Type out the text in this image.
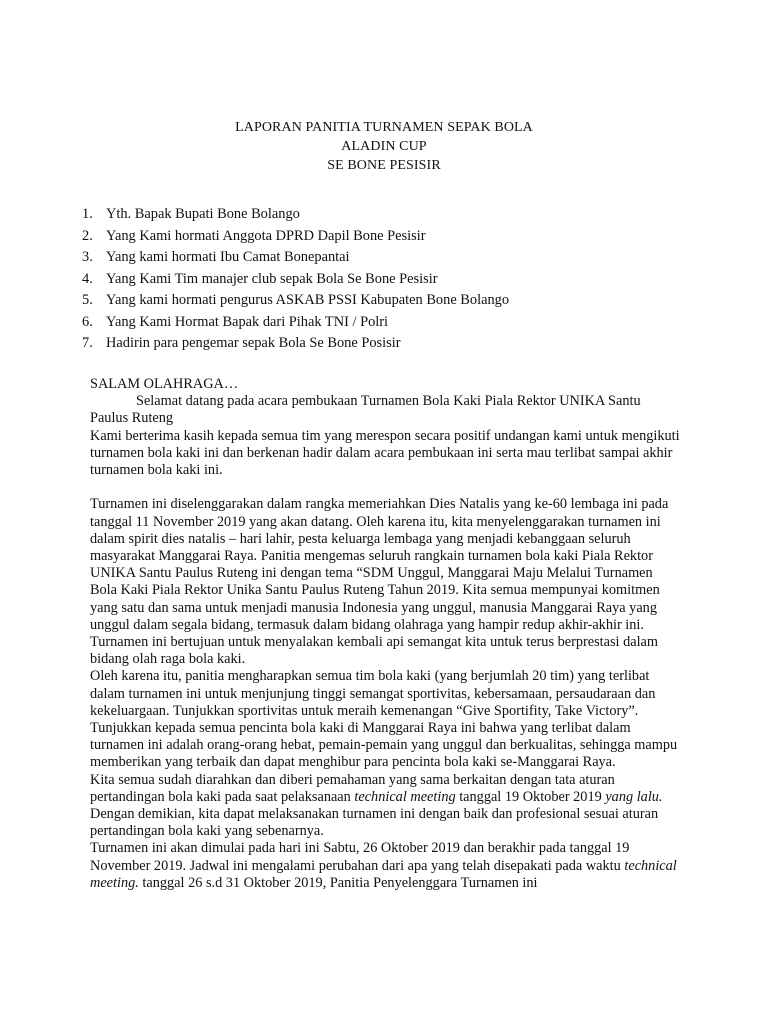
LAPORAN PANITIA TURNAMEN SEPAK BOLA
ALADIN CUP
SE BONE PESISIR
1. Yth. Bapak Bupati Bone Bolango
2. Yang Kami hormati Anggota DPRD Dapil Bone Pesisir
3. Yang kami hormati Ibu Camat Bonepantai
4. Yang Kami Tim manajer club sepak Bola Se Bone Pesisir
5. Yang kami hormati pengurus ASKAB PSSI Kabupaten Bone Bolango
6. Yang Kami Hormat Bapak dari Pihak TNI / Polri
7. Hadirin para pengemar sepak Bola Se Bone Posisir

SALAM OLAHRAGA…

Selamat datang pada acara pembukaan Turnamen Bola Kaki Piala Rektor UNIKA Santu

Paulus Ruteng

Kami berterima kasih kepada semua tim yang merespon secara positif undangan kami untuk mengikuti turnamen bola kaki ini dan berkenan hadir dalam acara pembukaan ini serta mau terlibat sampai akhir turnamen bola kaki ini.

Turnamen ini diselenggarakan dalam rangka memeriahkan Dies Natalis yang ke-60 lembaga ini pada tanggal 11 November 2019 yang akan datang. Oleh karena itu, kita menyelenggarakan turnamen ini dalam spirit dies natalis – hari lahir, pesta keluarga lembaga yang menjadi kebanggaan seluruh masyarakat Manggarai Raya. Panitia mengemas seluruh rangkain turnamen bola kaki Piala Rektor UNIKA Santu Paulus Ruteng ini dengan tema “SDM Unggul, Manggarai Maju Melalui Turnamen Bola Kaki Piala Rektor Unika Santu Paulus Ruteng Tahun 2019. Kita semua mempunyai komitmen yang satu dan sama untuk menjadi manusia Indonesia yang unggul, manusia Manggarai Raya yang unggul dalam segala bidang, termasuk dalam bidang olahraga yang hampir redup akhir-akhir ini. Turnamen ini bertujuan untuk menyalakan kembali api semangat kita untuk terus berprestasi dalam bidang olah raga bola kaki.

Oleh karena itu, panitia mengharapkan semua tim bola kaki (yang berjumlah 20 tim) yang terlibat dalam turnamen ini untuk menjunjung tinggi semangat sportivitas, kebersamaan, persaudaraan dan kekeluargaan. Tunjukkan sportivitas untuk meraih kemenangan “Give Sportifity, Take Victory”. Tunjukkan kepada semua pencinta bola kaki di Manggarai Raya ini bahwa yang terlibat dalam turnamen ini adalah orang-orang hebat, pemain-pemain yang unggul dan berkualitas, sehingga mampu memberikan yang terbaik dan dapat menghibur para pencinta bola kaki se-Manggarai Raya.

Kita semua sudah diarahkan dan diberi pemahaman yang sama berkaitan dengan tata aturan pertandingan bola kaki pada saat pelaksanaan technical meeting tanggal 19 Oktober 2019 yang lalu. Dengan demikian, kita dapat melaksanakan turnamen ini dengan baik dan profesional sesuai aturan pertandingan bola kaki yang sebenarnya.

Turnamen ini akan dimulai pada hari ini Sabtu, 26 Oktober 2019 dan berakhir pada tanggal 19 November 2019. Jadwal ini mengalami perubahan dari apa yang telah disepakati pada waktu technical meeting. tanggal 26 s.d 31 Oktober 2019, Panitia Penyelenggara Turnamen ini
